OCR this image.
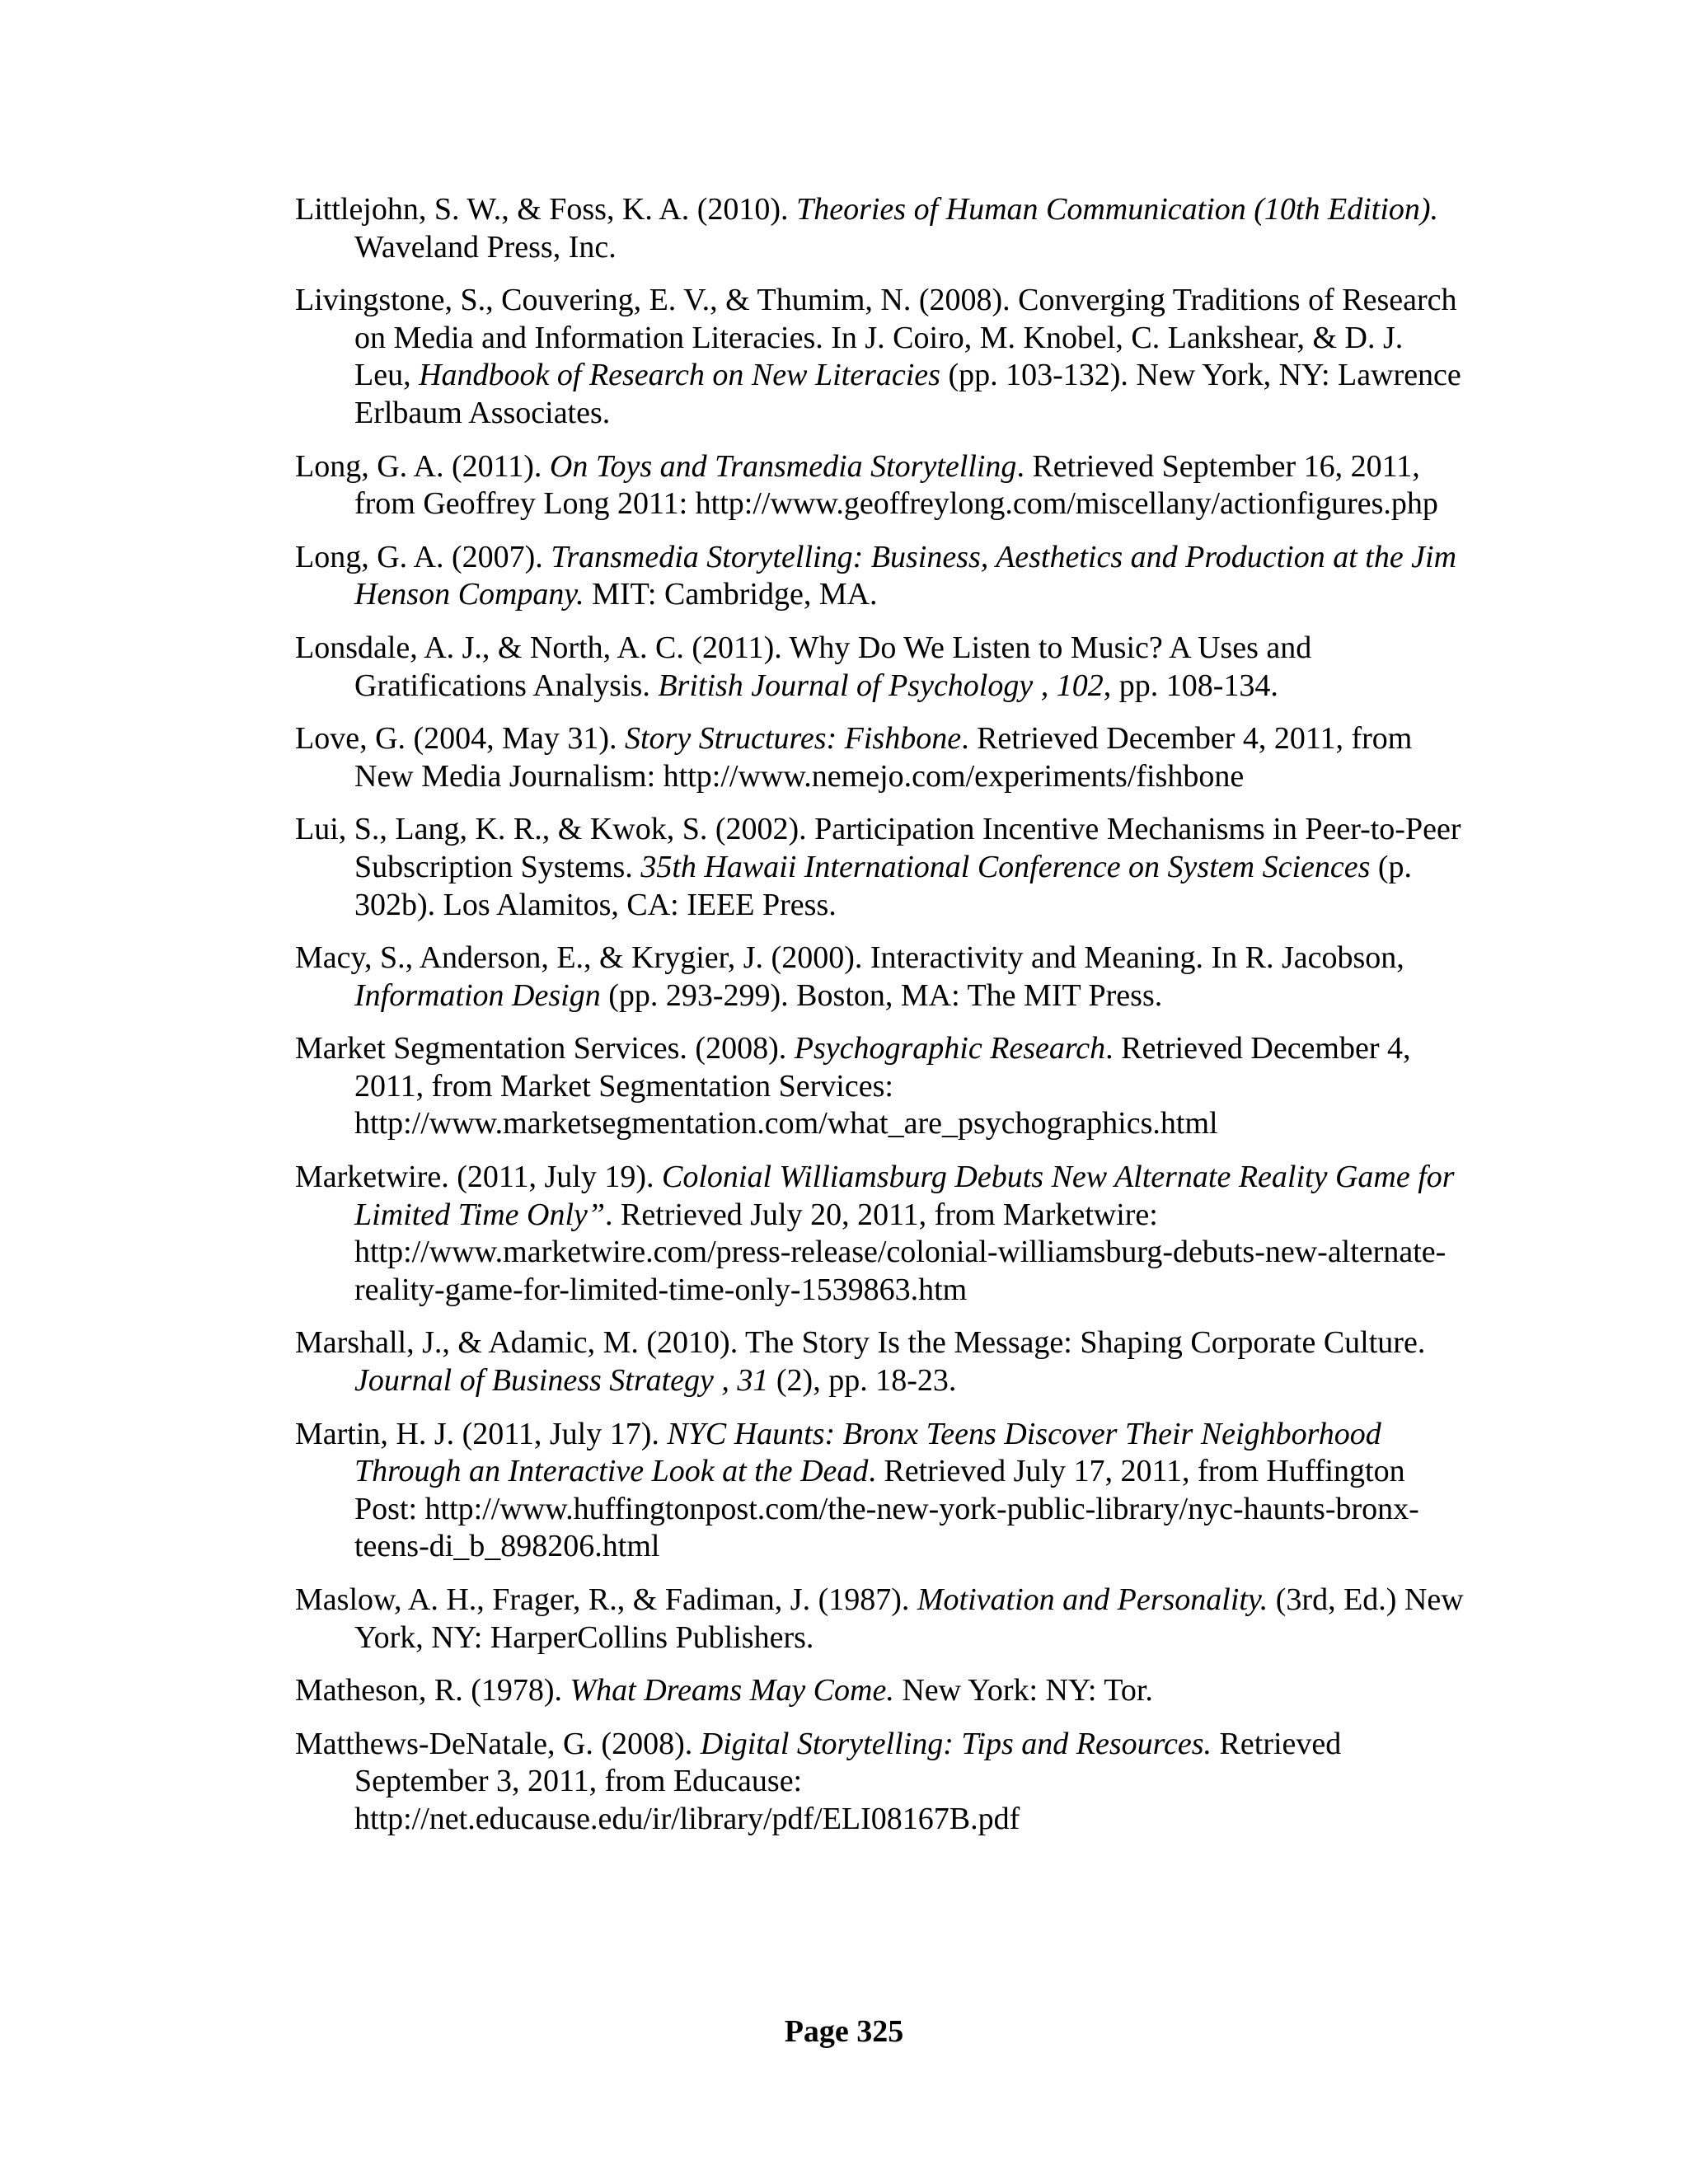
Littlejohn, S. W., & Foss, K. A. (2010). Theories of Human Communication (10th Edition). Waveland Press, Inc.

Livingstone, S., Couvering, E. V., & Thumim, N. (2008). Converging Traditions of Research on Media and Information Literacies. In J. Coiro, M. Knobel, C. Lankshear, & D. J. Leu, Handbook of Research on New Literacies (pp. 103-132). New York, NY: Lawrence Erlbaum Associates.

Long, G. A. (2011). On Toys and Transmedia Storytelling. Retrieved September 16, 2011, from Geoffrey Long 2011: http://www.geoffreylong.com/miscellany/actionfigures.php

Long, G. A. (2007). Transmedia Storytelling: Business, Aesthetics and Production at the Jim Henson Company. MIT: Cambridge, MA.

Lonsdale, A. J., & North, A. C. (2011). Why Do We Listen to Music? A Uses and Gratifications Analysis. British Journal of Psychology , 102, pp. 108-134.

Love, G. (2004, May 31). Story Structures: Fishbone. Retrieved December 4, 2011, from New Media Journalism: http://www.nemejo.com/experiments/fishbone

Lui, S., Lang, K. R., & Kwok, S. (2002). Participation Incentive Mechanisms in Peer-to-Peer Subscription Systems. 35th Hawaii International Conference on System Sciences (p. 302b). Los Alamitos, CA: IEEE Press.

Macy, S., Anderson, E., & Krygier, J. (2000). Interactivity and Meaning. In R. Jacobson, Information Design (pp. 293-299). Boston, MA: The MIT Press.

Market Segmentation Services. (2008). Psychographic Research. Retrieved December 4, 2011, from Market Segmentation Services: http://www.marketsegmentation.com/what_are_psychographics.html

Marketwire. (2011, July 19). Colonial Williamsburg Debuts New Alternate Reality Game for Limited Time Only”. Retrieved July 20, 2011, from Marketwire: http://www.marketwire.com/press-release/colonial-williamsburg-debuts-new-alternate-reality-game-for-limited-time-only-1539863.htm

Marshall, J., & Adamic, M. (2010). The Story Is the Message: Shaping Corporate Culture. Journal of Business Strategy , 31 (2), pp. 18-23.

Martin, H. J. (2011, July 17). NYC Haunts: Bronx Teens Discover Their Neighborhood Through an Interactive Look at the Dead. Retrieved July 17, 2011, from Huffington Post: http://www.huffingtonpost.com/the-new-york-public-library/nyc-haunts-bronx-teens-di_b_898206.html

Maslow, A. H., Frager, R., & Fadiman, J. (1987). Motivation and Personality. (3rd, Ed.) New York, NY: HarperCollins Publishers.

Matheson, R. (1978). What Dreams May Come. New York: NY: Tor.

Matthews-DeNatale, G. (2008). Digital Storytelling: Tips and Resources. Retrieved September 3, 2011, from Educause: http://net.educause.edu/ir/library/pdf/ELI08167B.pdf

Page 325
